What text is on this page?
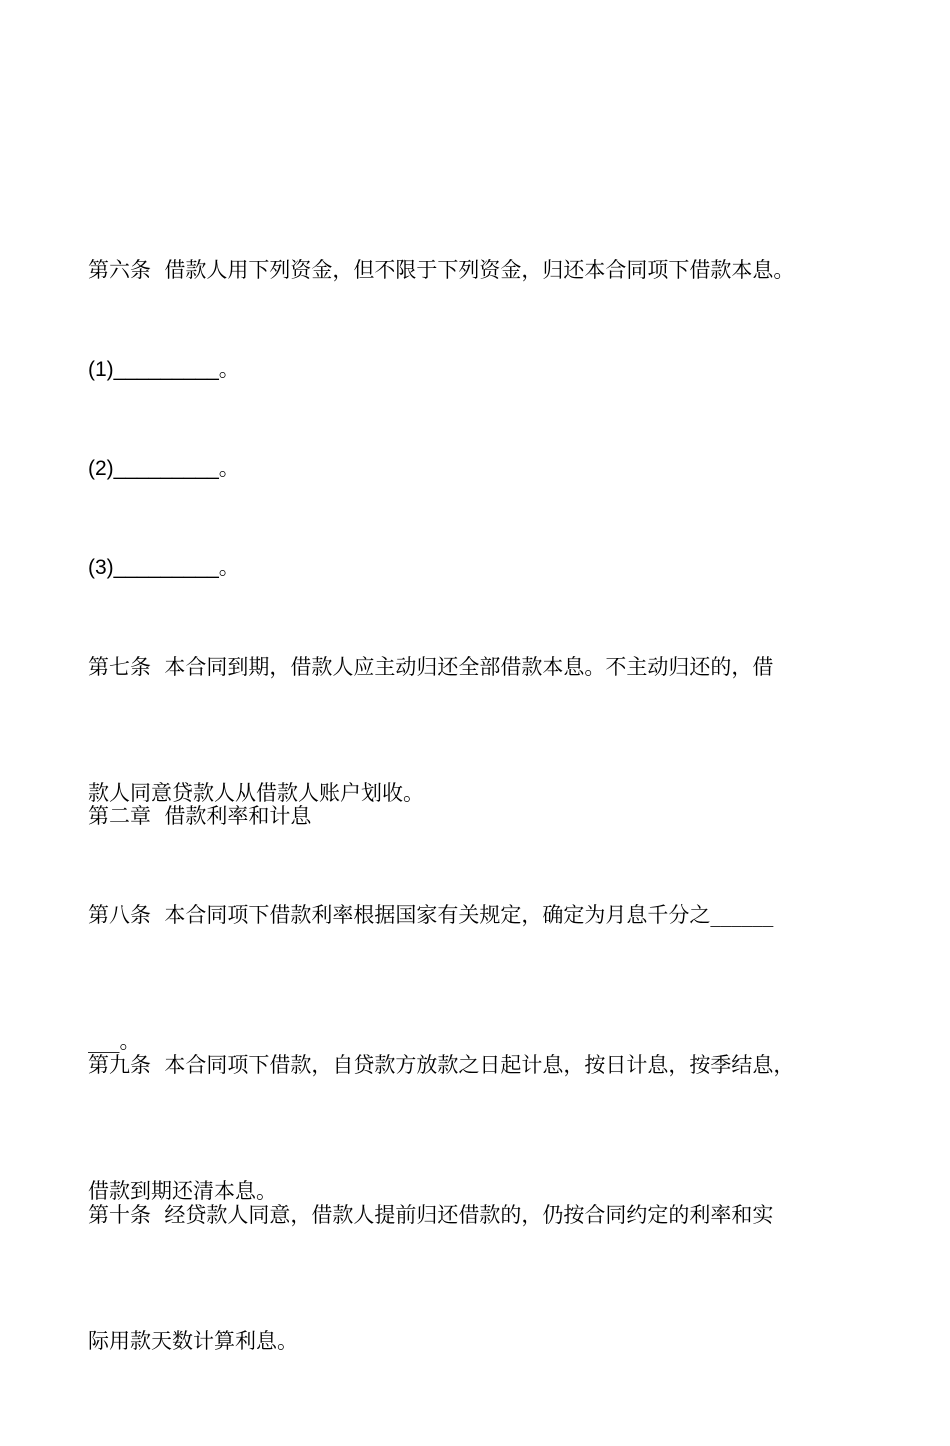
第六条  借款人用下列资金，但不限于下列资金，归还本合同项下借款本息。

(1)_________。

(2)_________。

(3)_________。

第七条  本合同到期，借款人应主动归还全部借款本息。不主动归还的，借

款人同意贷款人从借款人账户划收。

第二章  借款利率和计息

第八条  本合同项下借款利率根据国家有关规定，确定为月息千分之______

___。

第九条  本合同项下借款，自贷款方放款之日起计息，按日计息，按季结息，

借款到期还清本息。

第十条  经贷款人同意，借款人提前归还借款的，仍按合同约定的利率和实

际用款天数计算利息。
